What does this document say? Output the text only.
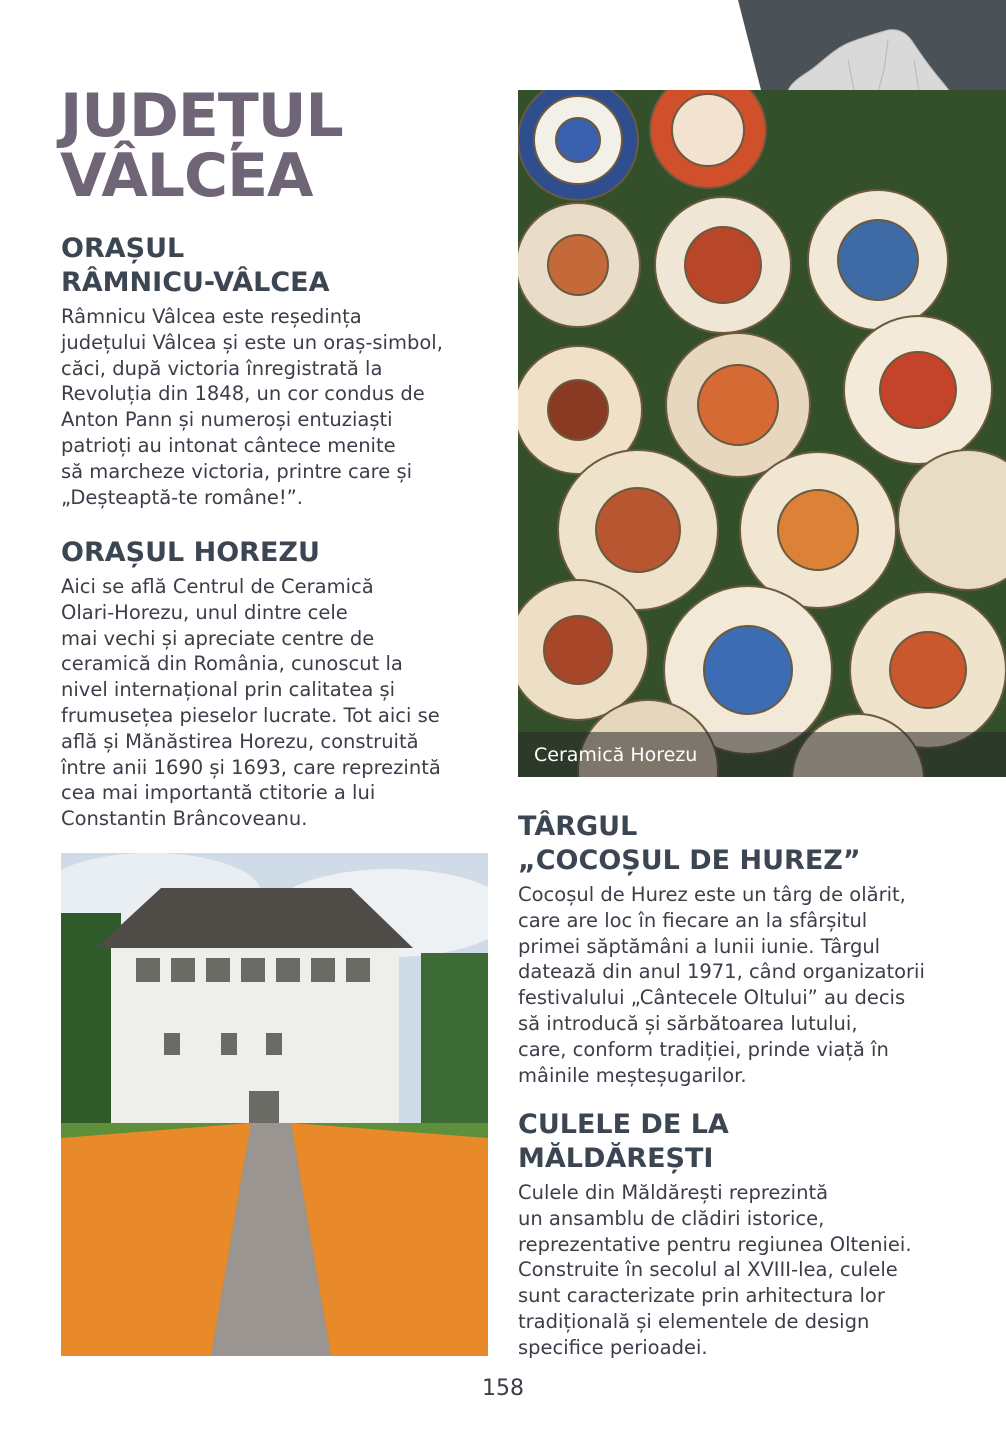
JUDEȚUL
VÂLCEA
Ceramică Horezu
ORAȘUL
RÂMNICU-VÂLCEA
Râmnicu Vâlcea este reședința
județului Vâlcea și este un oraș-simbol,
căci, după victoria înregistrată la
Revoluția din 1848, un cor condus de
Anton Pann și numeroși entuziaști
patrioți au intonat cântece menite
să marcheze victoria, printre care și
„Deșteaptă-te române!”.
ORAȘUL HOREZU
Aici se află Centrul de Ceramică
Olari-Horezu, unul dintre cele
mai vechi și apreciate centre de
ceramică din România, cunoscut la
nivel internațional prin calitatea și
frumusețea pieselor lucrate. Tot aici se
află și Mănăstirea Horezu, construită
între anii 1690 și 1693, care reprezintă
cea mai importantă ctitorie a lui
Constantin Brâncoveanu.	TÂRGUL
„COCOȘUL DE HUREZ”
Cocoșul de Hurez este un târg de olărit,
care are loc în fiecare an la sfârșitul
primei săptămâni a lunii iunie. Târgul
datează din anul 1971, când organizatorii
festivalului „Cântecele Oltului” au decis
să introducă și sărbătoarea lutului,
care, conform tradiției, prinde viață în
mâinile meșteșugarilor.
CULELE DE LA
MĂLDĂREȘTI
Culele din Măldărești reprezintă
un ansamblu de clădiri istorice,
reprezentative pentru regiunea Olteniei.
Construite în secolul al XVIII-lea, culele
sunt caracterizate prin arhitectura lor
tradițională și elementele de design
specifice perioadei.
158
